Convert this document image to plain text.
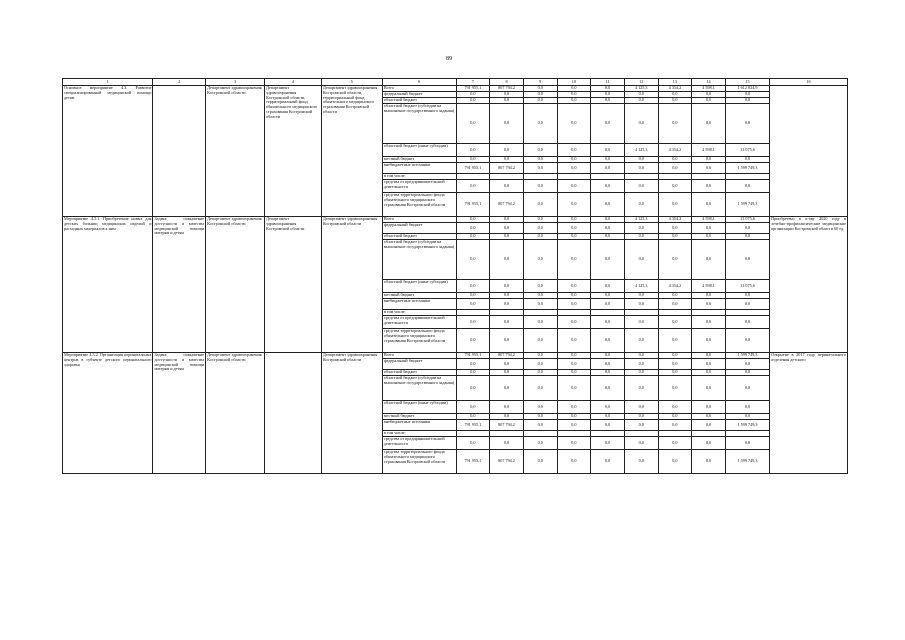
89
1	2	3	4	5	6	7	8	9	10	11	12	13	14	15	16
Основное мероприятие 4.3. Развитие специализированной медицинской помощи детям		Департамент здравоохранения Костромской области	Департамент здравоохранения Костромской области, территориальный фонд обязательного медицинского страхования Костромской области	Департамент здравоохранения Костромской области, территориальный фонд обязательного медицинского страхования Костромской области	Всего	791 955,1	807 794,2	0,0	0,0	0,0	4 125,3	4 354,2	4 598,1	1 612 824,9	
					федеральный бюджет	0,0	0,0	0,0	0,0	0,0	0,0	0,0	0,0	0,0	
					областной бюджет	0,0	0,0	0,0	0,0	0,0	0,0	0,0	0,0	0,0	
					областной бюджет (субсидии на выполнение государственного задания)	0,0	0,0	0,0	0,0	0,0	0,0	0,0	0,0	0,0	
					областной бюджет (иные субсидии)	0,0	0,0	0,0	0,0	0,0	4 125,3	4 354,2	4 598,1	13 075,6	
					местный бюджет	0,0	0,0	0,0	0,0	0,0	0,0	0,0	0,0	0,0	
					внебюджетные источники	791 955,1	807 794,2	0,0	0,0	0,0	0,0	0,0	0,0	1 599 749,3	
					в том числе:										
					средства от предпринимательской деятельности	0,0	0,0	0,0	0,0	0,0	0,0	0,0	0,0	0,0	
					средства территориального фонда обязательного медицинского страхования Костромской области	791 955,1	807 794,2	0,0	0,0	0,0	0,0	0,0	0,0	1 599 749,3	
Мероприятие 4.3.1. Приобретение новых для детских больниц медицинских изделий и расходных материалов к ним	Задача: повышение доступности и качества медицинской помощи матерям и детям	Департамент здравоохранения Костромской области	Департамент здравоохранения Костромской области	Департамент здравоохранения Костромской области	Всего	0,0	0,0	0,0	0,0	0,0	4 125,3	4 354,2	4 598,1	13 075,6	Приобретено в к-ову 2020 году в лечебно-профилактические медицинские организации Костромской области 60 ед.
					федеральный бюджет	0,0	0,0	0,0	0,0	0,0	0,0	0,0	0,0	0,0	
					областной бюджет	0,0	0,0	0,0	0,0	0,0	0,0	0,0	0,0	0,0	
					областной бюджет (субсидии на выполнение государственного задания)	0,0	0,0	0,0	0,0	0,0	0,0	0,0	0,0	0,0	
					областной бюджет (иные субсидии)	0,0	0,0	0,0	0,0	0,0	4 125,3	4 354,2	4 598,1	13 075,6	
					местный бюджет	0,0	0,0	0,0	0,0	0,0	0,0	0,0	0,0	0,0	
					внебюджетные источники	0,0	0,0	0,0	0,0	0,0	0,0	0,0	0,0	0,0	
					в том числе:										
					средства от предпринимательской деятельности	0,0	0,0	0,0	0,0	0,0	0,0	0,0	0,0	0,0	
					средства территориального фонда обязательного медицинского страхования Костромской области	0,0	0,0	0,0	0,0	0,0	0,0	0,0	0,0	0,0	
Мероприятие 4.3.2. Организация перинатальных центров в субъекте детского перинатального здоровья	Задача: повышение доступности и качества медицинской помощи матерям и детям	Департамент здравоохранения Костромской области	-	Департамент здравоохранения Костромской области	Всего	791 955,1	807 794,2	0,0	0,0	0,0	0,0	0,0	0,0	1 599 749,3	Открытие в 2017 году перинатального отделения детского
					федеральный бюджет	0,0	0,0	0,0	0,0	0,0	0,0	0,0	0,0	0,0	
					областной бюджет	0,0	0,0	0,0	0,0	0,0	0,0	0,0	0,0	0,0	
					областной бюджет (субсидии на выполнение государственного задания)	0,0	0,0	0,0	0,0	0,0	0,0	0,0	0,0	0,0	
					областной бюджет (иные субсидии)	0,0	0,0	0,0	0,0	0,0	0,0	0,0	0,0	0,0	
					местный бюджет	0,0	0,0	0,0	0,0	0,0	0,0	0,0	0,0	0,0	
					внебюджетные источники	791 955,1	807 794,2	0,0	0,0	0,0	0,0	0,0	0,0	1 599 749,3	
					в том числе:										
					средства от предпринимательской деятельности	0,0	0,0	0,0	0,0	0,0	0,0	0,0	0,0	0,0	
					средства территориального фонда обязательного медицинского страхования Костромской области	791 955,1	807 794,2	0,0	0,0	0,0	0,0	0,0	0,0	1 599 749,3	
